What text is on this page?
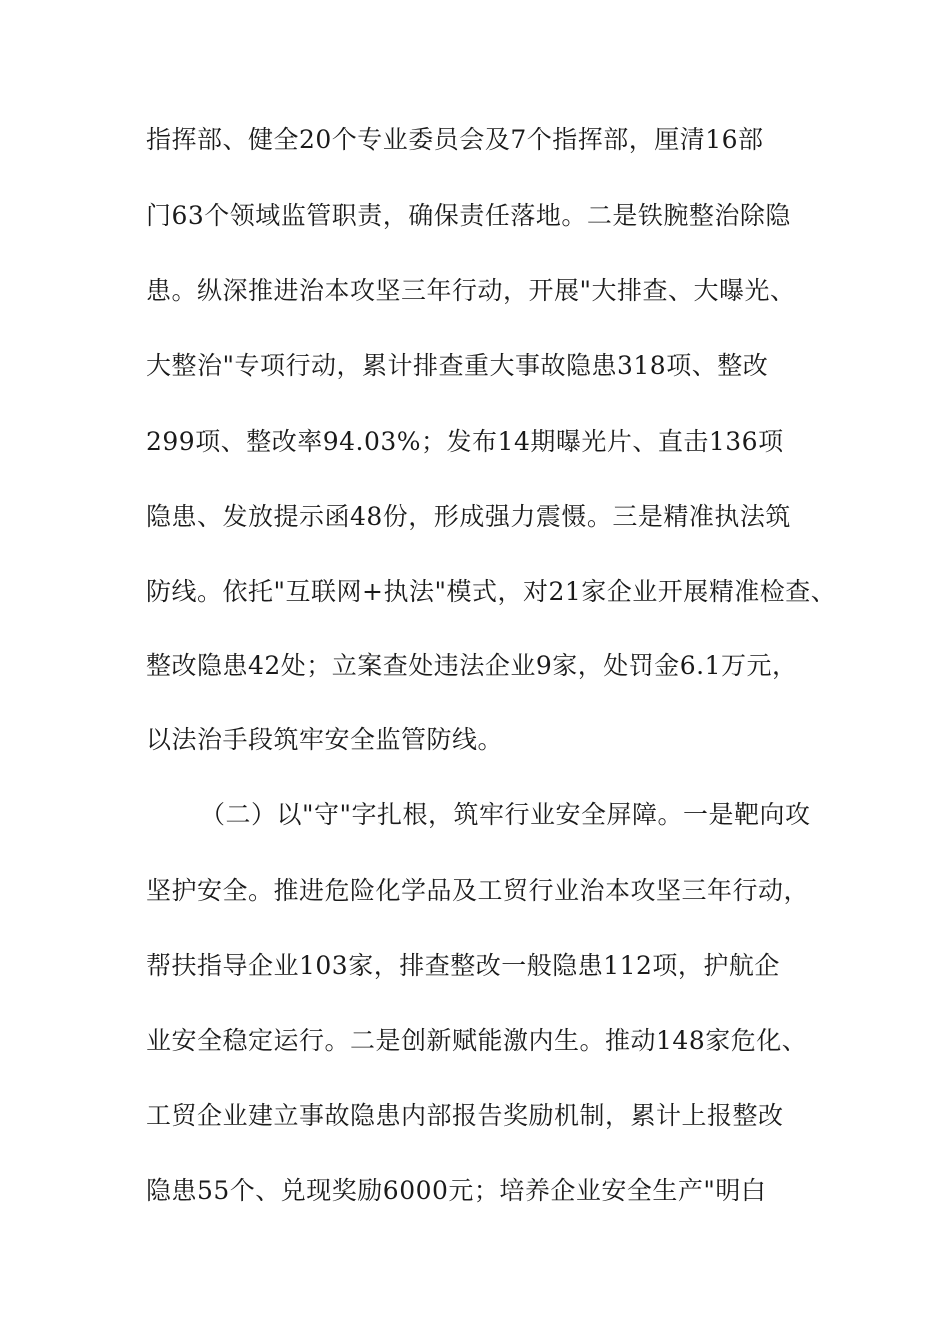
指挥部、健全20个专业委员会及7个指挥部，厘清16部
门63个领域监管职责，确保责任落地。二是铁腕整治除隐
患。纵深推进治本攻坚三年行动，开展"大排查、大曝光、
大整治"专项行动，累计排查重大事故隐患318项、整改
299项、整改率94.03%；发布14期曝光片、直击136项
隐患、发放提示函48份，形成强力震慑。三是精准执法筑
防线。依托"互联网+执法"模式，对21家企业开展精准检查、
整改隐患42处；立案查处违法企业9家，处罚金6.1万元，
以法治手段筑牢安全监管防线。
（二）以"守"字扎根，筑牢行业安全屏障。一是靶向攻
坚护安全。推进危险化学品及工贸行业治本攻坚三年行动，
帮扶指导企业103家，排查整改一般隐患112项，护航企
业安全稳定运行。二是创新赋能激内生。推动148家危化、
工贸企业建立事故隐患内部报告奖励机制，累计上报整改
隐患55个、兑现奖励6000元；培养企业安全生产"明白
